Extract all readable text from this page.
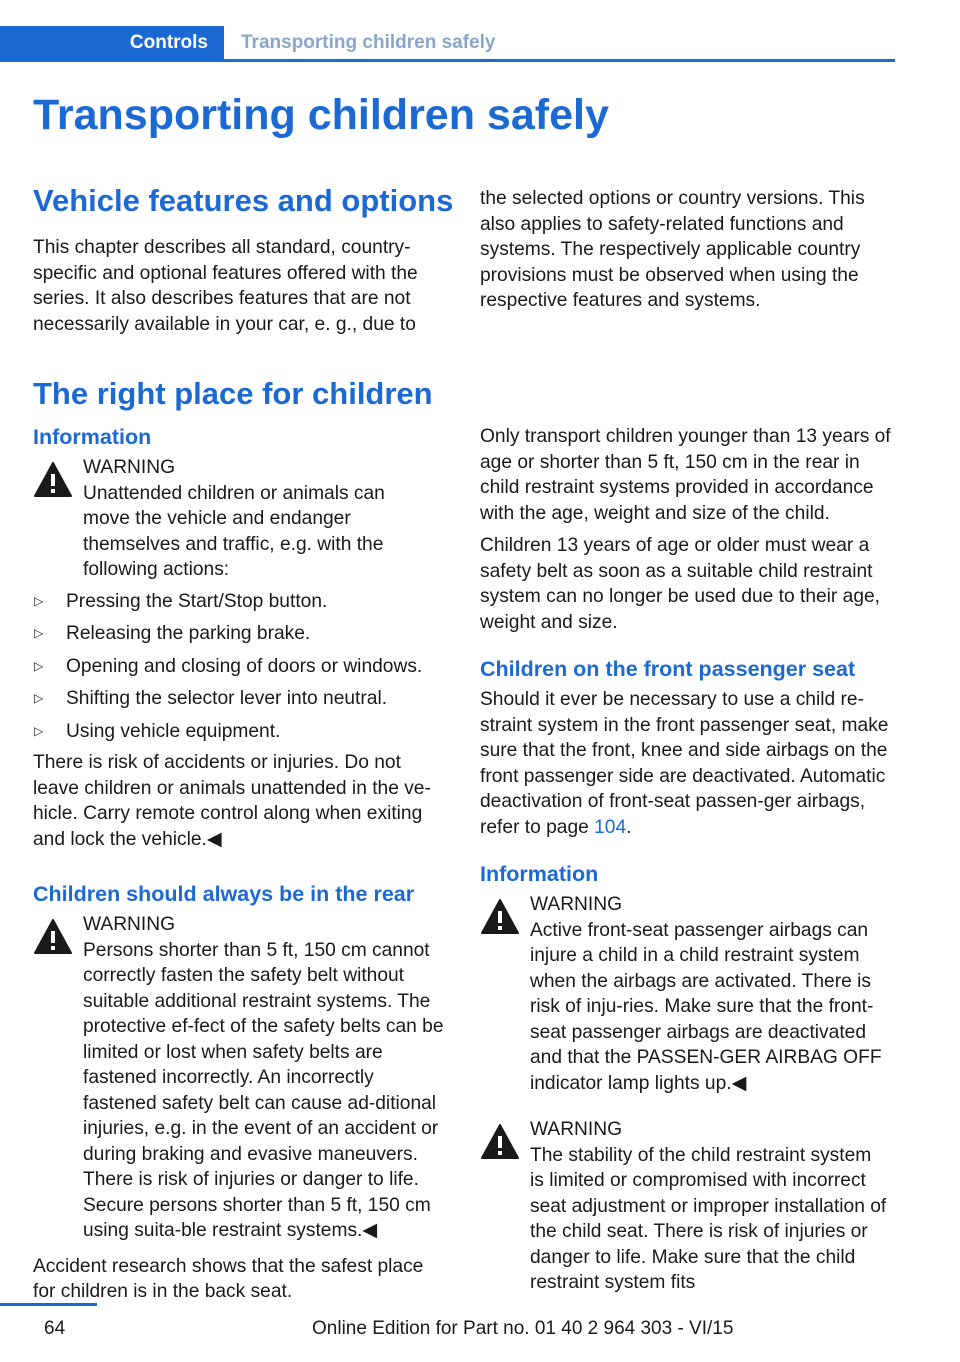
Controls	Transporting children safely
Transporting children safely
Vehicle features and options

This chapter describes all standard, country-specific and optional features offered with the series. It also describes features that are not necessarily available in your car, e. g., due to

the selected options or country versions. This also applies to safety-related functions and systems. The respectively applicable country provisions must be observed when using the respective features and systems.

The right place for children

Information

WARNING
Unattended children or animals can

move the vehicle and endanger themselves and traffic, e.g. with the following actions:

▷ Pressing the Start/Stop button.
▷ Releasing the parking brake.
▷ Opening and closing of doors or windows.
▷ Shifting the selector lever into neutral.
▷ Using vehicle equipment.

There is risk of accidents or injuries. Do not leave children or animals unattended in the ve-hicle. Carry remote control along when exiting and lock the vehicle.◀

Children should always be in the rear

WARNING
Persons shorter than 5 ft, 150 cm cannot

correctly fasten the safety belt without suitable additional restraint systems. The protective ef-fect of the safety belts can be limited or lost when safety belts are fastened incorrectly. An incorrectly fastened safety belt can cause ad-ditional injuries, e.g. in the event of an accident or during braking and evasive maneuvers. There is risk of injuries or danger to life. Secure persons shorter than 5 ft, 150 cm using suita-ble restraint systems.◀

Accident research shows that the safest place for children is in the back seat.

Only transport children younger than 13 years of age or shorter than 5 ft, 150 cm in the rear in child restraint systems provided in accordance with the age, weight and size of the child.

Children 13 years of age or older must wear a safety belt as soon as a suitable child restraint system can no longer be used due to their age, weight and size.

Children on the front passenger seat

Should it ever be necessary to use a child re-straint system in the front passenger seat, make sure that the front, knee and side airbags on the front passenger side are deactivated. Automatic deactivation of front-seat passen-ger airbags, refer to page 104.

Information

WARNING
Active front-seat passenger airbags can

injure a child in a child restraint system when the airbags are activated. There is risk of inju-ries. Make sure that the front-seat passenger airbags are deactivated and that the PASSEN-GER AIRBAG OFF indicator lamp lights up.◀

WARNING
The stability of the child restraint system

is limited or compromised with incorrect seat adjustment or improper installation of the child seat. There is risk of injuries or danger to life. Make sure that the child restraint system fits

64	Online Edition for Part no. 01 40 2 964 303 - VI/15
